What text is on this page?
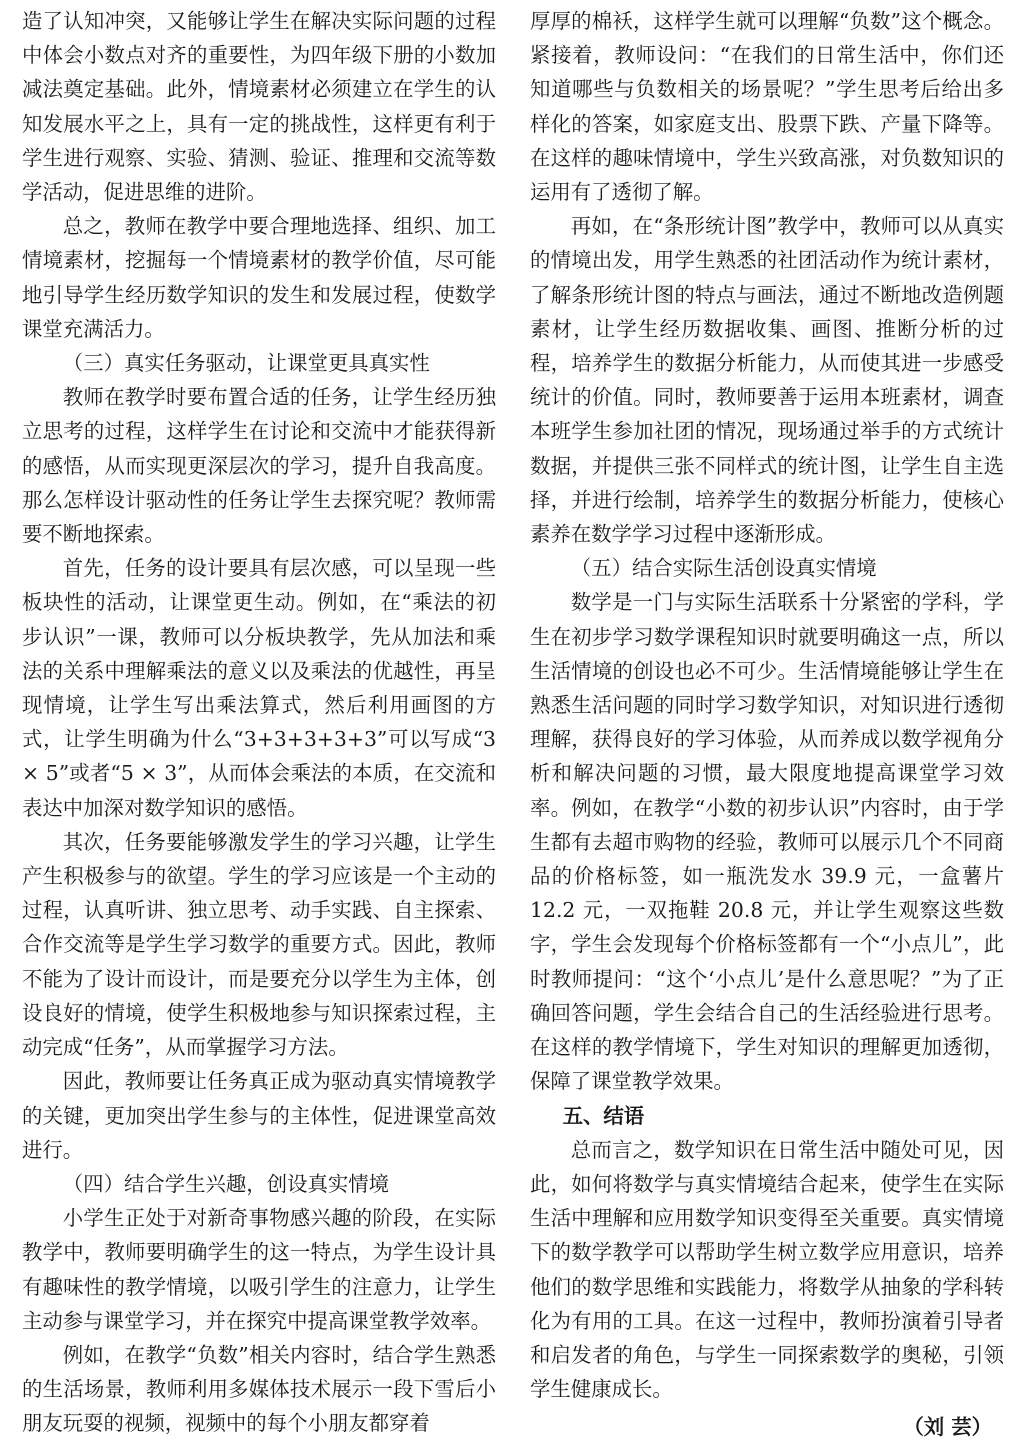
造了认知冲突，又能够让学生在解决实际问题的过程中体会小数点对齐的重要性，为四年级下册的小数加减法奠定基础。此外，情境素材必须建立在学生的认知发展水平之上，具有一定的挑战性，这样更有利于学生进行观察、实验、猜测、验证、推理和交流等数学活动，促进思维的进阶。

总之，教师在教学中要合理地选择、组织、加工情境素材，挖掘每一个情境素材的教学价值，尽可能地引导学生经历数学知识的发生和发展过程，使数学课堂充满活力。

（三）真实任务驱动，让课堂更具真实性

教师在教学时要布置合适的任务，让学生经历独立思考的过程，这样学生在讨论和交流中才能获得新的感悟，从而实现更深层次的学习，提升自我高度。那么怎样设计驱动性的任务让学生去探究呢？教师需要不断地探索。

首先，任务的设计要具有层次感，可以呈现一些板块性的活动，让课堂更生动。例如，在“乘法的初步认识”一课，教师可以分板块教学，先从加法和乘法的关系中理解乘法的意义以及乘法的优越性，再呈现情境，让学生写出乘法算式，然后利用画图的方式，让学生明确为什么“3+3+3+3+3”可以写成“3 × 5”或者“5 × 3”，从而体会乘法的本质，在交流和表达中加深对数学知识的感悟。

其次，任务要能够激发学生的学习兴趣，让学生产生积极参与的欲望。学生的学习应该是一个主动的过程，认真听讲、独立思考、动手实践、自主探索、合作交流等是学生学习数学的重要方式。因此，教师不能为了设计而设计，而是要充分以学生为主体，创设良好的情境，使学生积极地参与知识探索过程，主动完成“任务”，从而掌握学习方法。

因此，教师要让任务真正成为驱动真实情境教学的关键，更加突出学生参与的主体性，促进课堂高效进行。

（四）结合学生兴趣，创设真实情境

小学生正处于对新奇事物感兴趣的阶段，在实际教学中，教师要明确学生的这一特点，为学生设计具有趣味性的教学情境，以吸引学生的注意力，让学生主动参与课堂学习，并在探究中提高课堂教学效率。

例如，在教学“负数”相关内容时，结合学生熟悉的生活场景，教师利用多媒体技术展示一段下雪后小朋友玩耍的视频，视频中的每个小朋友都穿着

厚厚的棉袄，这样学生就可以理解“负数”这个概念。紧接着，教师设问：“在我们的日常生活中，你们还知道哪些与负数相关的场景呢？”学生思考后给出多样化的答案，如家庭支出、股票下跌、产量下降等。在这样的趣味情境中，学生兴致高涨，对负数知识的运用有了透彻了解。

再如，在“条形统计图”教学中，教师可以从真实的情境出发，用学生熟悉的社团活动作为统计素材，了解条形统计图的特点与画法，通过不断地改造例题素材，让学生经历数据收集、画图、推断分析的过程，培养学生的数据分析能力，从而使其进一步感受统计的价值。同时，教师要善于运用本班素材，调查本班学生参加社团的情况，现场通过举手的方式统计数据，并提供三张不同样式的统计图，让学生自主选择，并进行绘制，培养学生的数据分析能力，使核心素养在数学学习过程中逐渐形成。

（五）结合实际生活创设真实情境

数学是一门与实际生活联系十分紧密的学科，学生在初步学习数学课程知识时就要明确这一点，所以生活情境的创设也必不可少。生活情境能够让学生在熟悉生活问题的同时学习数学知识，对知识进行透彻理解，获得良好的学习体验，从而养成以数学视角分析和解决问题的习惯，最大限度地提高课堂学习效率。例如，在教学“小数的初步认识”内容时，由于学生都有去超市购物的经验，教师可以展示几个不同商品的价格标签，如一瓶洗发水 39.9 元，一盒薯片 12.2 元，一双拖鞋 20.8 元，并让学生观察这些数字，学生会发现每个价格标签都有一个“小点儿”，此时教师提问：“这个‘小点儿’是什么意思呢？”为了正确回答问题，学生会结合自己的生活经验进行思考。在这样的教学情境下，学生对知识的理解更加透彻，保障了课堂教学效果。

五、结语

总而言之，数学知识在日常生活中随处可见，因此，如何将数学与真实情境结合起来，使学生在实际生活中理解和应用数学知识变得至关重要。真实情境下的数学教学可以帮助学生树立数学应用意识，培养他们的数学思维和实践能力，将数学从抽象的学科转化为有用的工具。在这一过程中，教师扮演着引导者和启发者的角色，与学生一同探索数学的奥秘，引领学生健康成长。

（刘 芸）
